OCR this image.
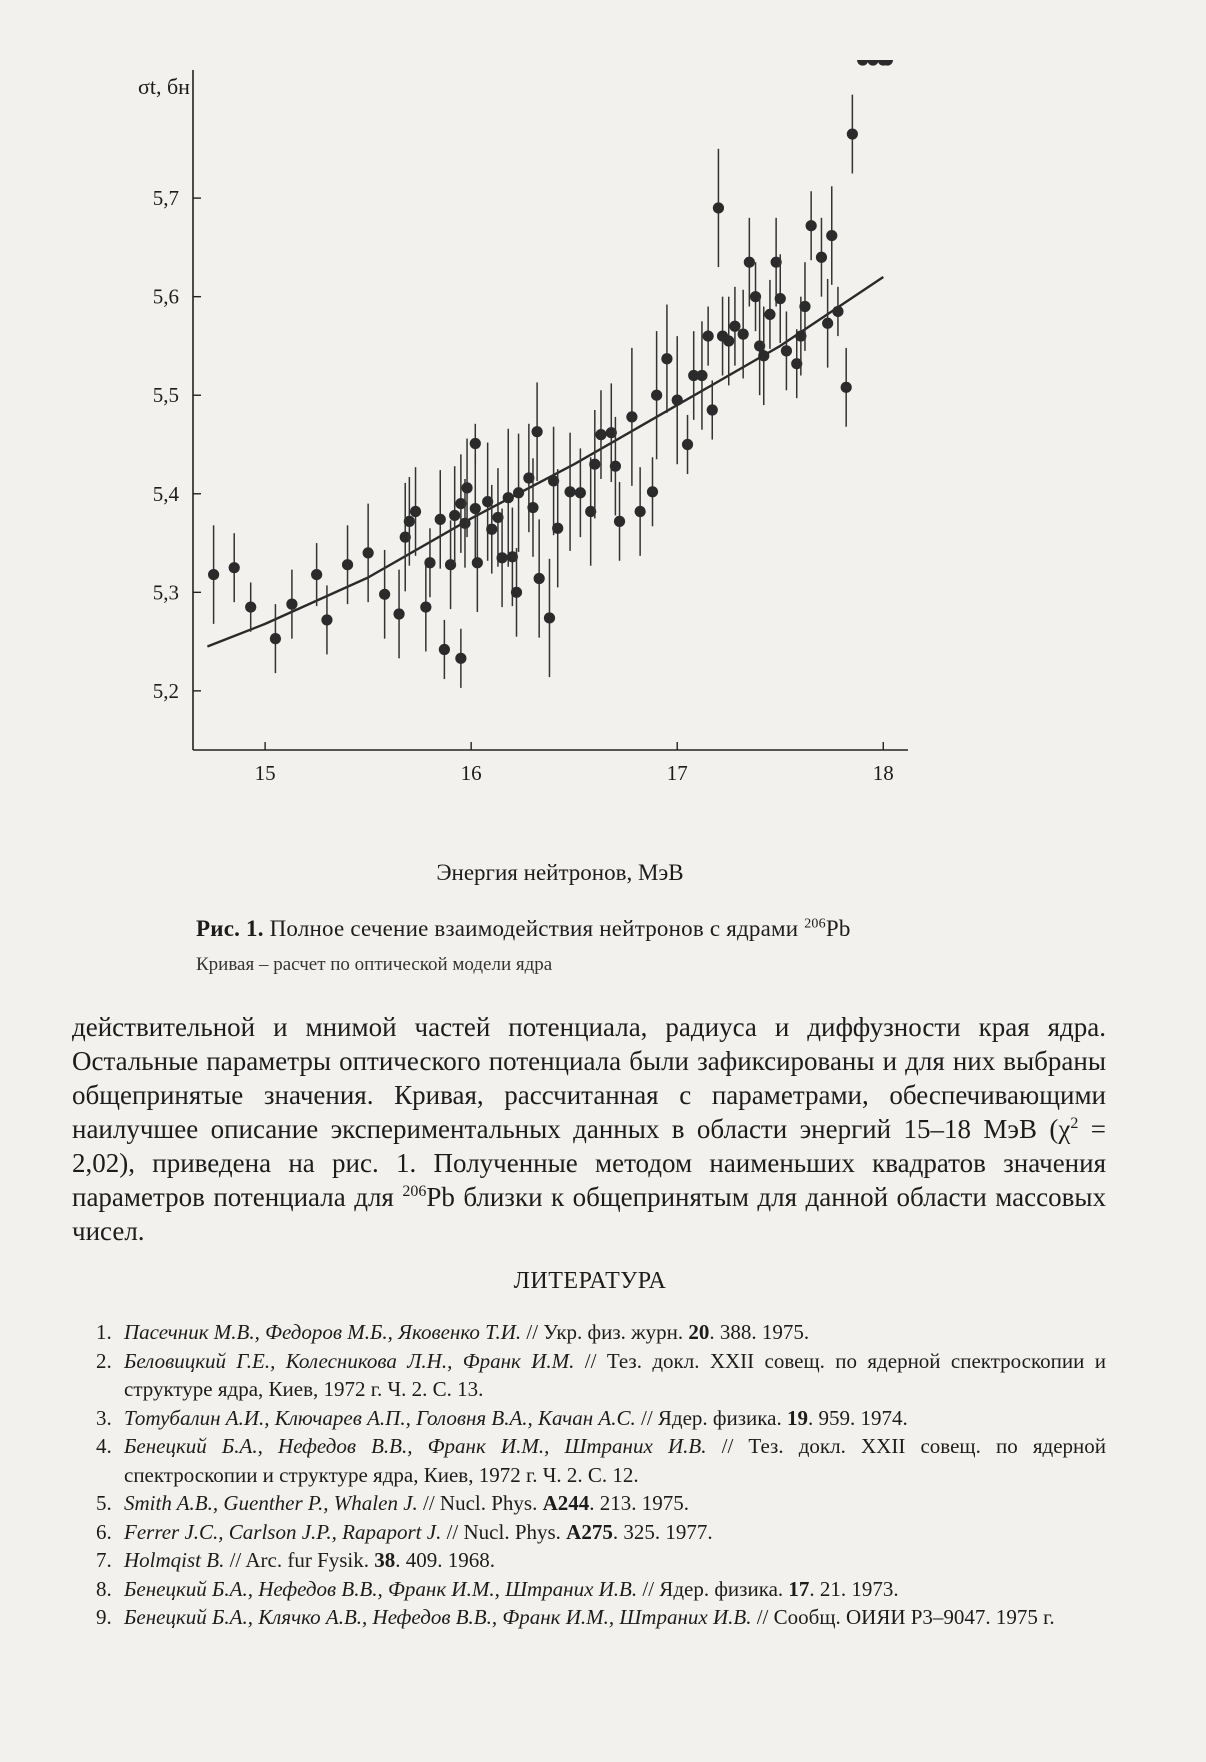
5,2
5,3
5,4
5,5
5,6
5,7
15	16	17	18
σt, бн
Энергия нейтронов, МэВ
Рис. 1. Полное сечение взаимодействия нейтронов с ядрами $^{206}$Pb
Кривая – расчет по оптической модели ядра

действительной и мнимой частей потенциала, радиуса и диффузности края ядра. Остальные параметры оптического потенциала были зафиксированы и для них выбраны общепринятые значения. Кривая, рассчитанная с параметрами, обеспечивающими наилучшее описание экспериментальных данных в области энергий 15–18 МэВ $(\chi^2 = 2,02)$, приведена на рис. 1. Полученные методом наименьших квадратов значения параметров потенциала для $^{206}$Pb близки к общепринятым для данной области массовых чисел.

ЛИТЕРАТУРА
1. Пасечник М.В., Федоров М.Б., Яковенко Т.И. // Укр. физ. журн. 20. 388. 1975.
2. Беловицкий Г.Е., Колесникова Л.Н., Франк И.М. // Тез. докл. XXII совещ. по ядерной спектроскопии и структуре ядра, Киев, 1972 г. Ч. 2. С. 13.
3. Тотубалин А.И., Ключарев А.П., Головня В.А., Качан А.С. // Ядер. физика. 19. 959. 1974.
4. Бенецкий Б.А., Нефедов В.В., Франк И.М., Штраних И.В. // Тез. докл. XXII совещ. по ядерной спектроскопии и структуре ядра, Киев, 1972 г. Ч. 2. С. 12.
5. Smith A.B., Guenther P., Whalen J. // Nucl. Phys. A244. 213. 1975.
6. Ferrer J.C., Carlson J.P., Rapaport J. // Nucl. Phys. A275. 325. 1977.
7. Holmqist B. // Arc. fur Fysik. 38. 409. 1968.
8. Бенецкий Б.А., Нефедов В.В., Франк И.М., Штраних И.В. // Ядер. физика. 17. 21. 1973.
9. Бенецкий Б.А., Клячко А.В., Нефедов В.В., Франк И.М., Штраних И.В. // Сообщ. ОИЯИ Р3–9047. 1975 г.
